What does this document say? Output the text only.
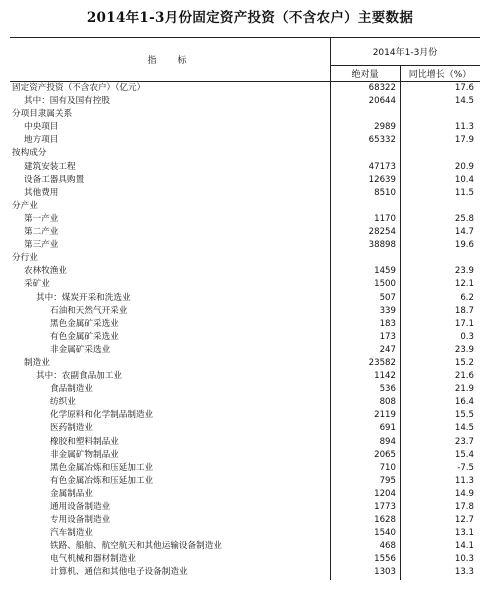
2014年1-3月份固定资产投资（不含农户）主要数据
指　标
2014年1-3月份
绝对量	同比增长（%）
固定资产投资（不含农户）（亿元）	68322	17.6
其中：国有及国有控股	20644	14.5
分项目隶属关系
中央项目	2989	11.3
地方项目	65332	17.9
按构成分
建筑安装工程	47173	20.9
设备工器具购置	12639	10.4
其他费用	8510	11.5
分产业
第一产业	1170	25.8
第二产业	28254	14.7
第三产业	38898	19.6
分行业
农林牧渔业	1459	23.9
采矿业	1500	12.1
其中：煤炭开采和洗选业	507	6.2
石油和天然气开采业	339	18.7
黑色金属矿采选业	183	17.1
有色金属矿采选业	173	0.3
非金属矿采选业	247	23.9
制造业	23582	15.2
其中：农副食品加工业	1142	21.6
食品制造业	536	21.9
纺织业	808	16.4
化学原料和化学制品制造业	2119	15.5
医药制造业	691	14.5
橡胶和塑料制品业	894	23.7
非金属矿物制品业	2065	15.4
黑色金属冶炼和压延加工业	710	-7.5
有色金属冶炼和压延加工业	795	11.3
金属制品业	1204	14.9
通用设备制造业	1773	17.8
专用设备制造业	1628	12.7
汽车制造业	1540	13.1
铁路、船舶、航空航天和其他运输设备制造业	468	14.1
电气机械和器材制造业	1556	10.3
计算机、通信和其他电子设备制造业	1303	13.3
